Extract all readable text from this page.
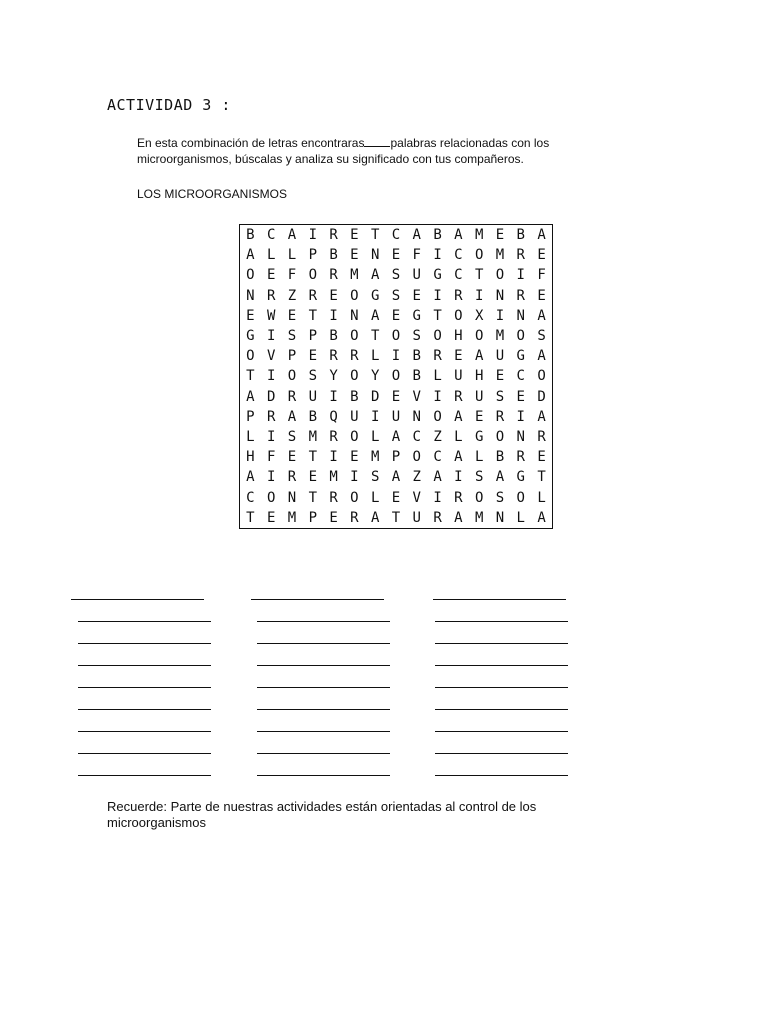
ACTIVIDAD 3 :
En esta combinación de letras encontraras palabras relacionadas con los microorganismos, búscalas y analiza su significado con tus compañeros.
LOS MICROORGANISMOS
B	C	A	I	R	E	T	C	A	B	A	M	E	B	A
A	L	L	P	B	E	N	E	F	I	C	O	M	R	E
O	E	F	O	R	M	A	S	U	G	C	T	O	I	F
N	R	Z	R	E	O	G	S	E	I	R	I	N	R	E
E	W	E	T	I	N	A	E	G	T	O	X	I	N	A
G	I	S	P	B	O	T	O	S	O	H	O	M	O	S
O	V	P	E	R	R	L	I	B	R	E	A	U	G	A
T	I	O	S	Y	O	Y	O	B	L	U	H	E	C	O
A	D	R	U	I	B	D	E	V	I	R	U	S	E	D
P	R	A	B	Q	U	I	U	N	O	A	E	R	I	A
L	I	S	M	R	O	L	A	C	Z	L	G	O	N	R
H	F	E	T	I	E	M	P	O	C	A	L	B	R	E
A	I	R	E	M	I	S	A	Z	A	I	S	A	G	T
C	O	N	T	R	O	L	E	V	I	R	O	S	O	L
T	E	M	P	E	R	A	T	U	R	A	M	N	L	A
Recuerde: Parte de nuestras actividades están orientadas al control de los microorganismos
